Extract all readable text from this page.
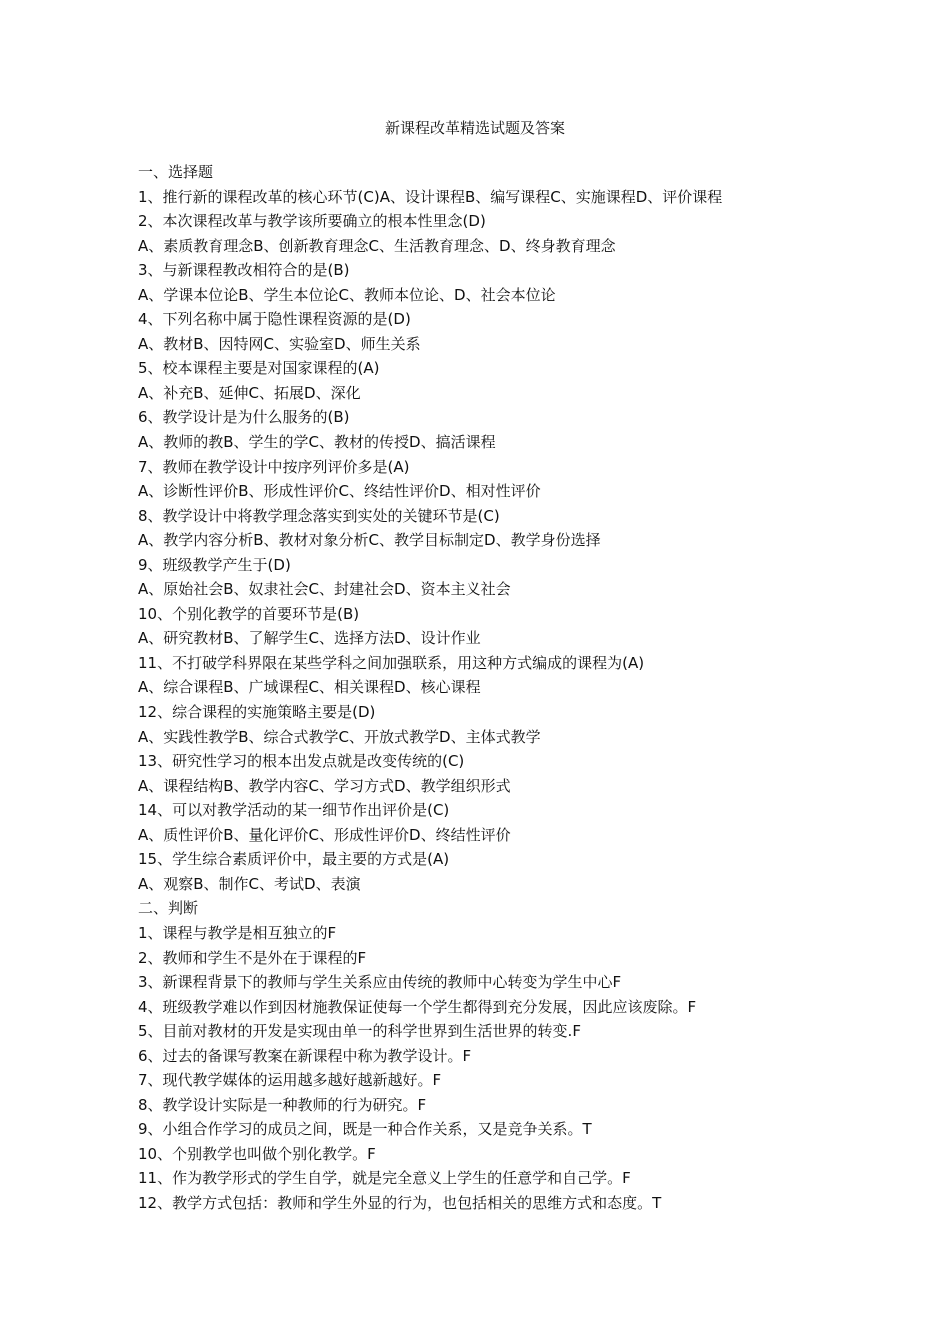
新课程改革精选试题及答案
一、选择题
1、推行新的课程改革的核心环节(C)A、设计课程B、编写课程C、实施课程D、评价课程
2、本次课程改革与教学该所要确立的根本性里念(D)
A、素质教育理念B、创新教育理念C、生活教育理念、D、终身教育理念
3、与新课程教改相符合的是(B)
A、学课本位论B、学生本位论C、教师本位论、D、社会本位论
4、下列名称中属于隐性课程资源的是(D)
A、教材B、因特网C、实验室D、师生关系
5、校本课程主要是对国家课程的(A)
A、补充B、延伸C、拓展D、深化
6、教学设计是为什么服务的(B)
A、教师的教B、学生的学C、教材的传授D、搞活课程
7、教师在教学设计中按序列评价多是(A)
A、诊断性评价B、形成性评价C、终结性评价D、相对性评价
8、教学设计中将教学理念落实到实处的关键环节是(C)
A、教学内容分析B、教材对象分析C、教学目标制定D、教学身份选择
9、班级教学产生于(D)
A、原始社会B、奴隶社会C、封建社会D、资本主义社会
10、个别化教学的首要环节是(B)
A、研究教材B、了解学生C、选择方法D、设计作业
11、不打破学科界限在某些学科之间加强联系，用这种方式编成的课程为(A)
A、综合课程B、广域课程C、相关课程D、核心课程
12、综合课程的实施策略主要是(D)
A、实践性教学B、综合式教学C、开放式教学D、主体式教学
13、研究性学习的根本出发点就是改变传统的(C)
A、课程结构B、教学内容C、学习方式D、教学组织形式
14、可以对教学活动的某一细节作出评价是(C)
A、质性评价B、量化评价C、形成性评价D、终结性评价
15、学生综合素质评价中，最主要的方式是(A)
A、观察B、制作C、考试D、表演
二、判断
1、课程与教学是相互独立的F
2、教师和学生不是外在于课程的F
3、新课程背景下的教师与学生关系应由传统的教师中心转变为学生中心F
4、班级教学难以作到因材施教保证使每一个学生都得到充分发展，因此应该废除。F
5、目前对教材的开发是实现由单一的科学世界到生活世界的转变.F
6、过去的备课写教案在新课程中称为教学设计。F
7、现代教学媒体的运用越多越好越新越好。F
8、教学设计实际是一种教师的行为研究。F
9、小组合作学习的成员之间，既是一种合作关系，又是竞争关系。T
10、个别教学也叫做个别化教学。F
11、作为教学形式的学生自学，就是完全意义上学生的任意学和自己学。F
12、教学方式包括：教师和学生外显的行为，也包括相关的思维方式和态度。T
